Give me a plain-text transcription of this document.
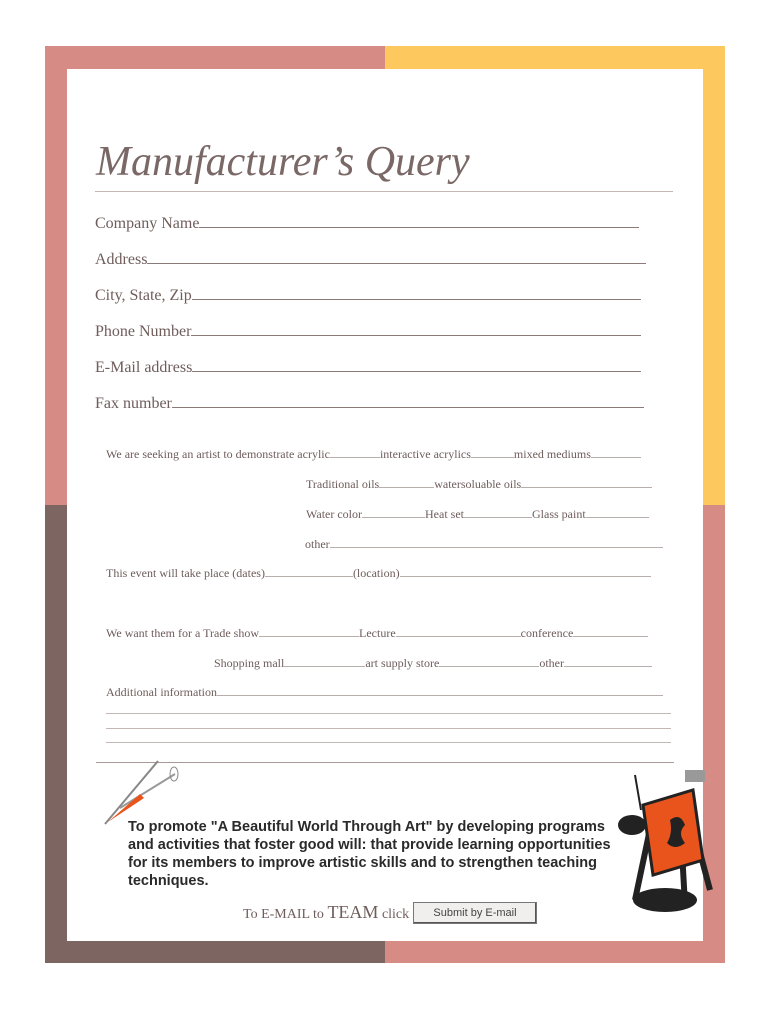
Manufacturer’s Query
Company Name
Address
City, State, Zip
Phone Number
E-Mail address
Fax number
We are seeking an artist to demonstrate acrylic	interactive acrylics	mixed mediums
Traditional oils	watersoluable oils
Water color	Heat set	Glass paint
other
This event will take place (dates)	(location)
We want them for a Trade show	Lecture	conference
Shopping mall	art supply store	other
Additional information
To promote "A Beautiful World Through Art" by developing programs and activities that foster good will: that provide learning opportunities for its members to improve artistic skills and to strengthen teaching techniques.
To E-MAIL to TEAM click	Submit by E-mail
